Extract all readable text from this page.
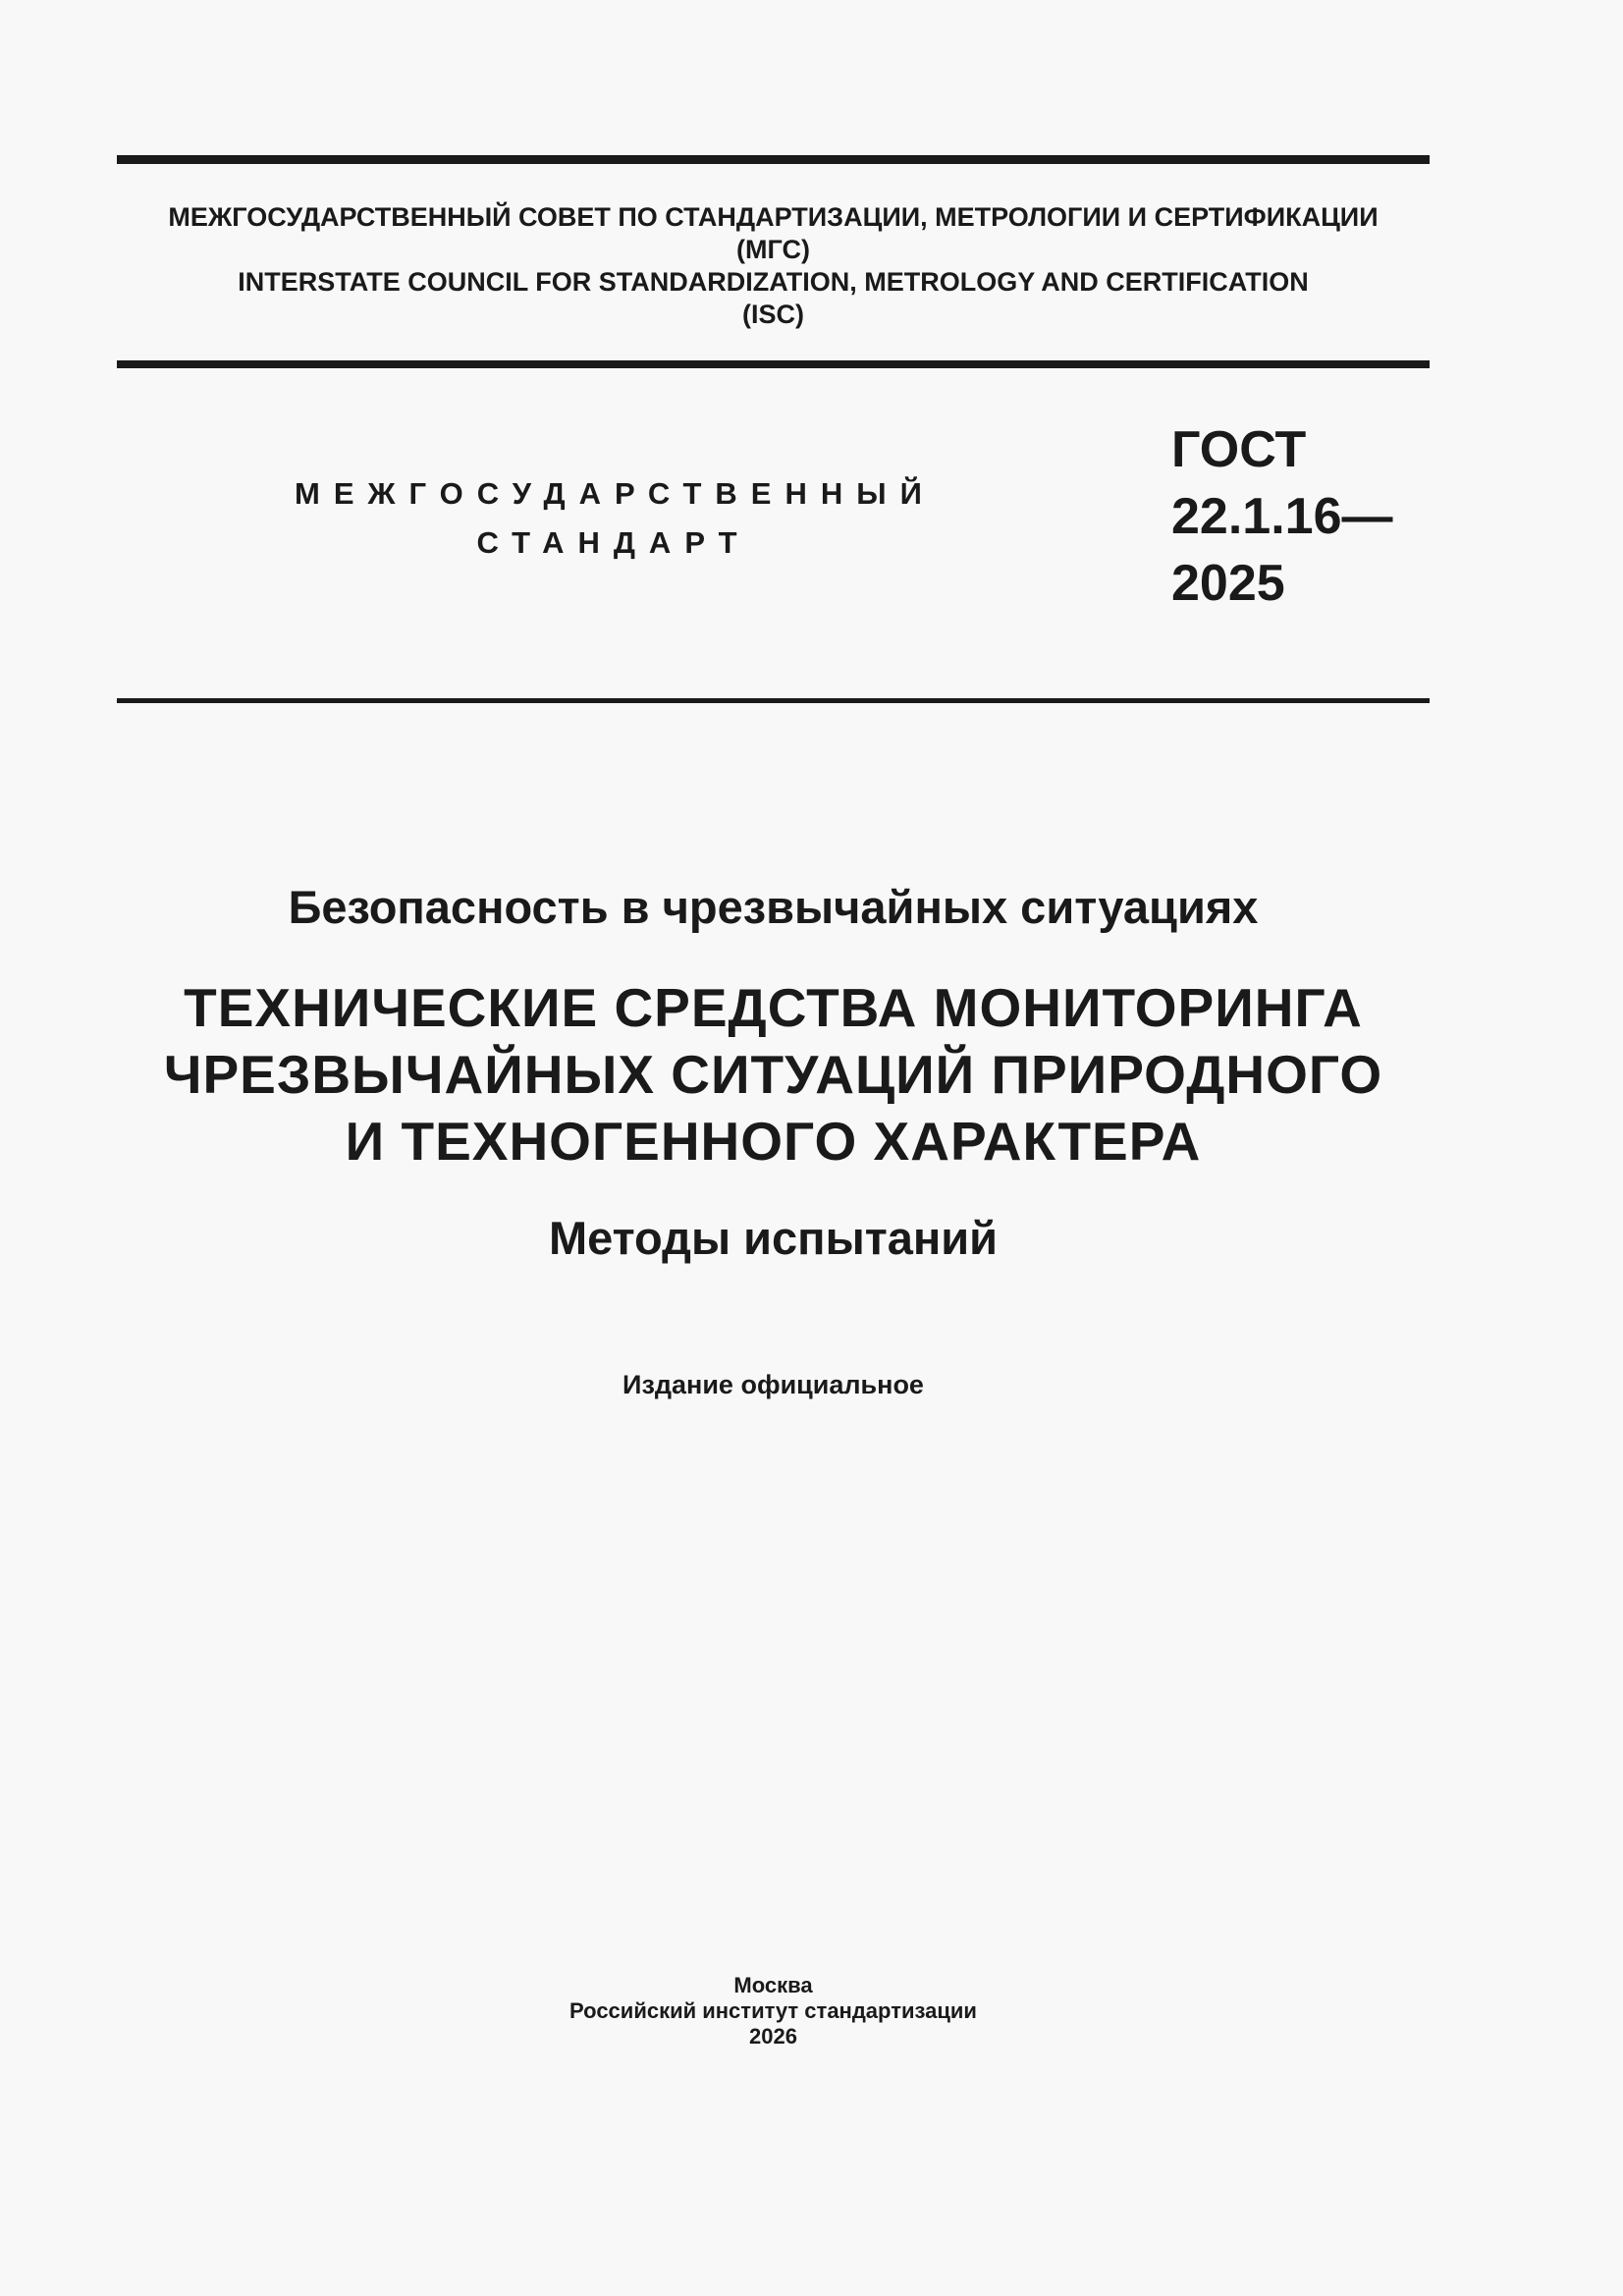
МЕЖГОСУДАРСТВЕННЫЙ СОВЕТ ПО СТАНДАРТИЗАЦИИ, МЕТРОЛОГИИ И СЕРТИФИКАЦИИ
(МГС)
INTERSTATE COUNCIL FOR STANDARDIZATION, METROLOGY AND CERTIFICATION
(ISC)
МЕЖГОСУДАРСТВЕННЫЙ
СТАНДАРТ
ГОСТ
22.1.16—
2025
Безопасность в чрезвычайных ситуациях
ТЕХНИЧЕСКИЕ СРЕДСТВА МОНИТОРИНГА
ЧРЕЗВЫЧАЙНЫХ СИТУАЦИЙ ПРИРОДНОГО
И ТЕХНОГЕННОГО ХАРАКТЕРА
Методы испытаний
Издание официальное
Москва
Российский институт стандартизации
2026
